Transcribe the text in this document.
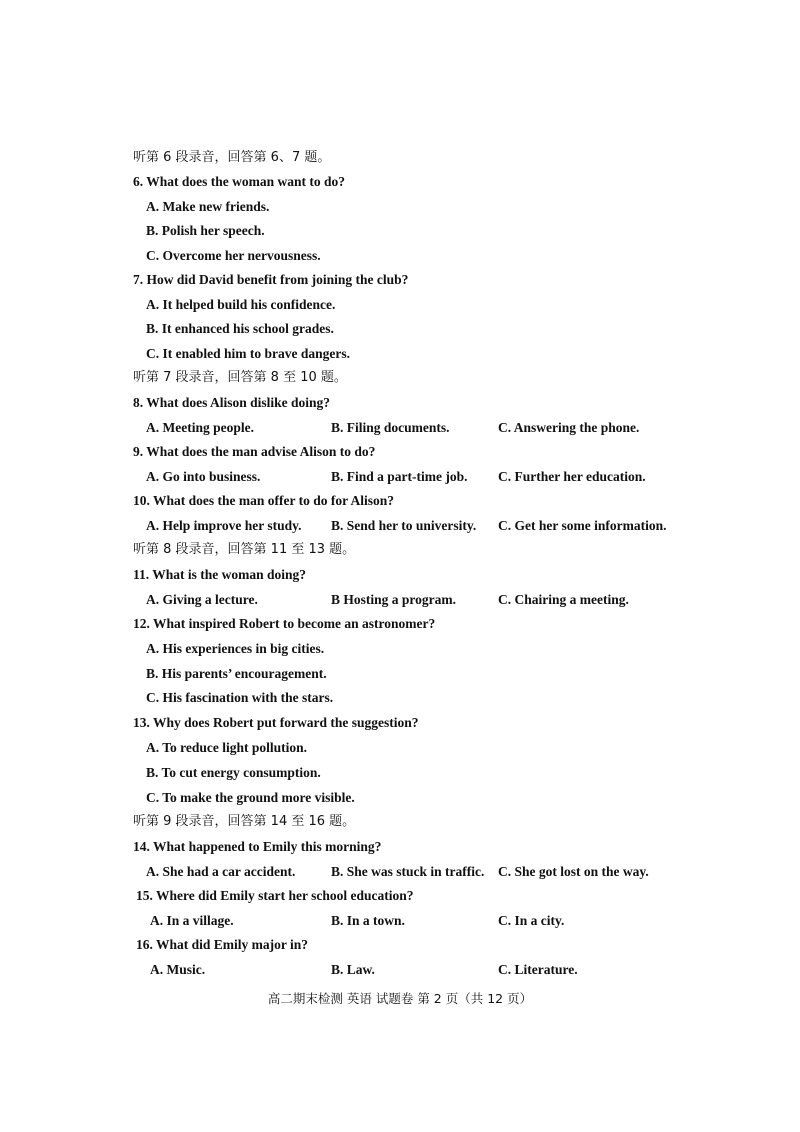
听第 6 段录音，回答第 6、7 题。
6. What does the woman want to do?
A. Make new friends.
B. Polish her speech.
C. Overcome her nervousness.
7. How did David benefit from joining the club?
A. It helped build his confidence.
B. It enhanced his school grades.
C. It enabled him to brave dangers.
听第 7 段录音，回答第 8 至 10 题。
8. What does Alison dislike doing?
A. Meeting people.	B. Filing documents.	C. Answering the phone.
9. What does the man advise Alison to do?
A. Go into business.	B. Find a part-time job. C. Further her education.
10. What does the man offer to do for Alison?
A. Help improve her study. B. Send her to university. C. Get her some information.
听第 8 段录音，回答第 11 至 13 题。
11. What is the woman doing?
A. Giving a lecture.	B Hosting a program.	C. Chairing a meeting.
12. What inspired Robert to become an astronomer?
A. His experiences in big cities.
B. His parents’ encouragement.
C. His fascination with the stars.
13. Why does Robert put forward the suggestion?
A. To reduce light pollution.
B. To cut energy consumption.
C. To make the ground more visible.
听第 9 段录音，回答第 14 至 16 题。
14. What happened to Emily this morning?
A. She had a car accident.	B. She was stuck in traffic. C. She got lost on the way.
15. Where did Emily start her school education?
A. In a village.	B. In a town.	C. In a city.
16. What did Emily major in?
A. Music.	B. Law.	C. Literature.
高二期末检测 英语 试题卷 第 2 页（共 12 页）
